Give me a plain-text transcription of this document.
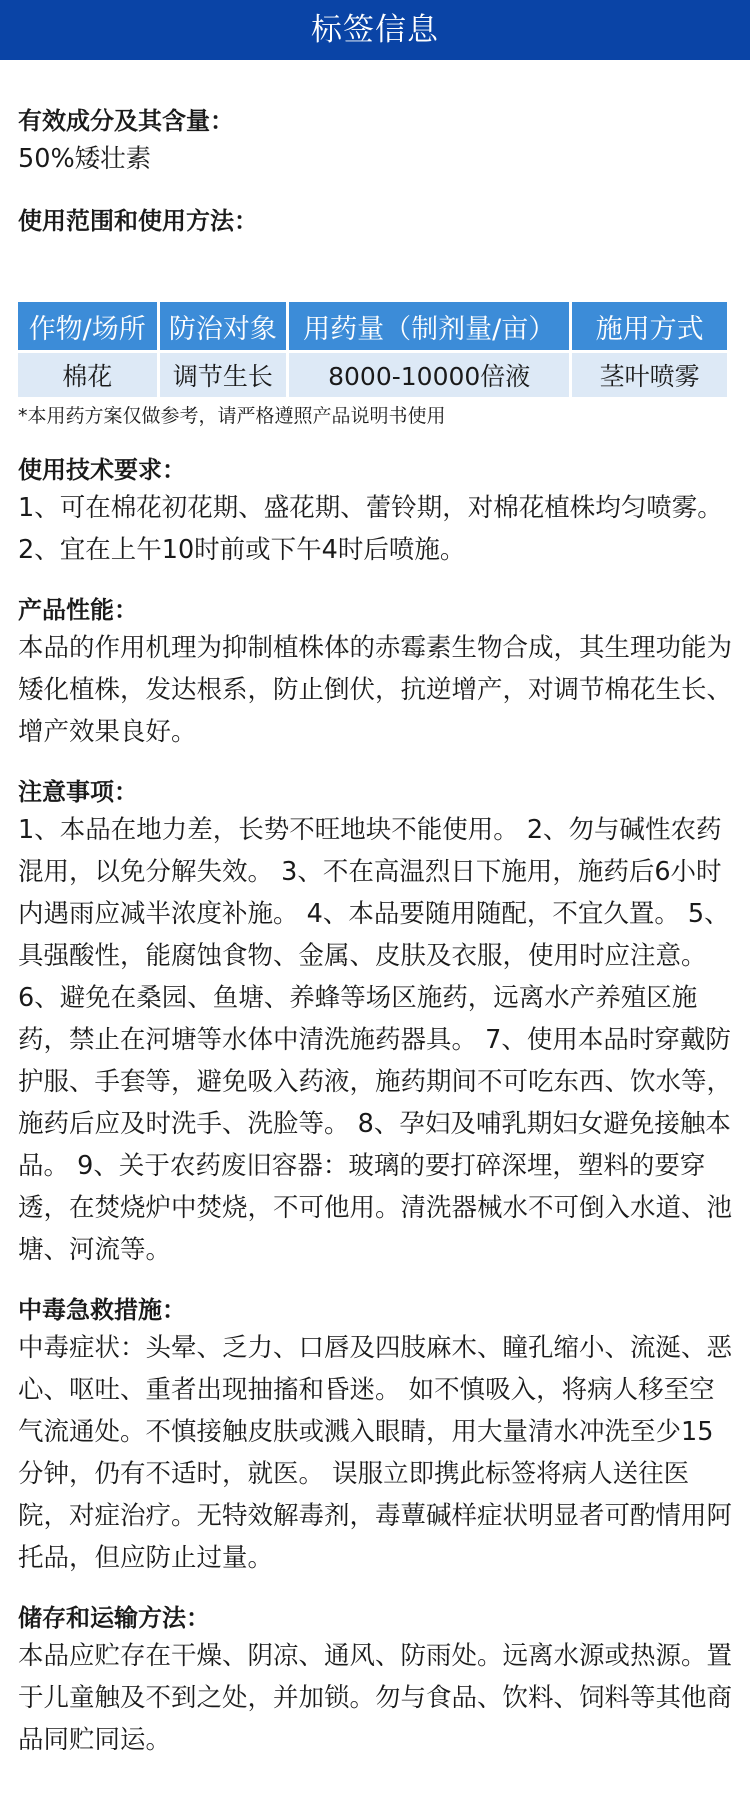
标签信息

有效成分及其含量：

50%矮壮素

使用范围和使用方法：

作物/场所	防治对象	用药量（制剂量/亩）	施用方式
棉花	调节生长	8000-10000倍液	茎叶喷雾
*本用药方案仅做参考，请严格遵照产品说明书使用

使用技术要求：

1、可在棉花初花期、盛花期、蕾铃期，对棉花植株均匀喷雾。 2、宜在上午10时前或下午4时后喷施。

产品性能：

本品的作用机理为抑制植株体的赤霉素生物合成，其生理功能为矮化植株，发达根系，防止倒伏，抗逆增产，对调节棉花生长、增产效果良好。

注意事项：

1、本品在地力差，长势不旺地块不能使用。 2、勿与碱性农药混用，以免分解失效。 3、不在高温烈日下施用，施药后6小时内遇雨应减半浓度补施。 4、本品要随用随配，不宜久置。 5、具强酸性，能腐蚀食物、金属、皮肤及衣服，使用时应注意。 6、避免在桑园、鱼塘、养蜂等场区施药，远离水产养殖区施药，禁止在河塘等水体中清洗施药器具。 7、使用本品时穿戴防护服、手套等，避免吸入药液，施药期间不可吃东西、饮水等，施药后应及时洗手、洗脸等。 8、孕妇及哺乳期妇女避免接触本品。 9、关于农药废旧容器：玻璃的要打碎深埋，塑料的要穿透，在焚烧炉中焚烧，不可他用。清洗器械水不可倒入水道、池塘、河流等。

中毒急救措施：

中毒症状：头晕、乏力、口唇及四肢麻木、瞳孔缩小、流涎、恶心、呕吐、重者出现抽搐和昏迷。 如不慎吸入，将病人移至空气流通处。不慎接触皮肤或溅入眼睛，用大量清水冲洗至少15分钟，仍有不适时，就医。 误服立即携此标签将病人送往医院，对症治疗。无特效解毒剂，毒蕈碱样症状明显者可酌情用阿托品，但应防止过量。

储存和运输方法：

本品应贮存在干燥、阴凉、通风、防雨处。远离水源或热源。置于儿童触及不到之处，并加锁。勿与食品、饮料、饲料等其他商品同贮同运。
